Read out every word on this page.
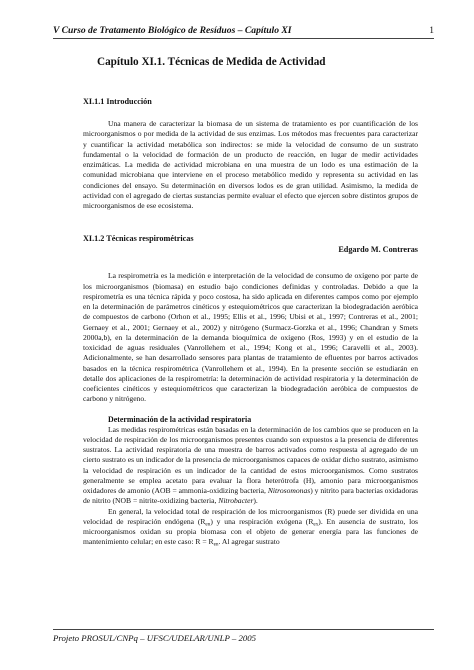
V Curso de Tratamento Biológico de Resíduos – Capítulo XI	1
Capítulo XI.1. Técnicas de Medida de Actividad
XI.1.1 Introducción

Una manera de caracterizar la biomasa de un sistema de tratamiento es por cuantificación de los microorganismos o por medida de la actividad de sus enzimas. Los métodos mas frecuentes para caracterizar y cuantificar la actividad metabólica son indirectos: se mide la velocidad de consumo de un sustrato fundamental o la velocidad de formación de un producto de reacción, en lugar de medir actividades enzimáticas. La medida de actividad microbiana en una muestra de un lodo es una estimación de la comunidad microbiana que interviene en el proceso metabólico medido y representa su actividad en las condiciones del ensayo. Su determinación en diversos lodos es de gran utilidad. Asimismo, la medida de actividad con el agregado de ciertas sustancias permite evaluar el efecto que ejercen sobre distintos grupos de microorganismos de ese ecosistema.

XI.1.2 Técnicas respirométricas
Edgardo M. Contreras

La respirometría es la medición e interpretación de la velocidad de consumo de oxígeno por parte de los microorganismos (biomasa) en estudio bajo condiciones definidas y controladas. Debido a que la respirometría es una técnica rápida y poco costosa, ha sido aplicada en diferentes campos como por ejemplo en la determinación de parámetros cinéticos y estequiométricos que caracterizan la biodegradación aeróbica de compuestos de carbono (Orhon et al., 1995; Ellis et al., 1996; Ubisi et al., 1997; Contreras et al., 2001; Gernaey et al., 2001; Gernaey et al., 2002) y nitrógeno (Surmacz-Gorzka et al., 1996; Chandran y Smets 2000a,b), en la determinación de la demanda bioquímica de oxígeno (Ros, 1993) y en el estudio de la toxicidad de aguas residuales (Vanrollehem et al., 1994; Kong et al., 1996; Caravelli et al., 2003). Adicionalmente, se han desarrollado sensores para plantas de tratamiento de efluentes por barros activados basados en la técnica respirométrica (Vanrollehem et al., 1994). En la presente sección se estudiarán en detalle dos aplicaciones de la respirometría: la determinación de actividad respiratoria y la determinación de coeficientes cinéticos y estequiométricos que caracterizan la biodegradación aeróbica de compuestos de carbono y nitrógeno.

Determinación de la actividad respiratoria

Las medidas respirométricas están basadas en la determinación de los cambios que se producen en la velocidad de respiración de los microorganismos presentes cuando son expuestos a la presencia de diferentes sustratos. La actividad respiratoria de una muestra de barros activados como respuesta al agregado de un cierto sustrato es un indicador de la presencia de microorganismos capaces de oxidar dicho sustrato, asimismo la velocidad de respiración es un indicador de la cantidad de estos microorganismos. Como sustratos generalmente se emplea acetato para evaluar la flora heterótrofa (H), amonio para microorganismos oxidadores de amonio (AOB = ammonia-oxidizing bacteria, Nitrosomonas) y nitrito para bacterias oxidadoras de nitrito (NOB = nitrite-oxidizing bacteria, Nitrobacter).

En general, la velocidad total de respiración de los microorganismos (R) puede ser dividida en una velocidad de respiración endógena $(R_{en})$ y una respiración exógena $(R_{ex})$. En ausencia de sustrato, los microorganismos oxidan su propia biomasa con el objeto de generar energía para las funciones de mantenimiento celular; en este caso: $R = R_{en}$. Al agregar sustrato

Projeto PROSUL/CNPq – UFSC/UDELAR/UNLP – 2005
